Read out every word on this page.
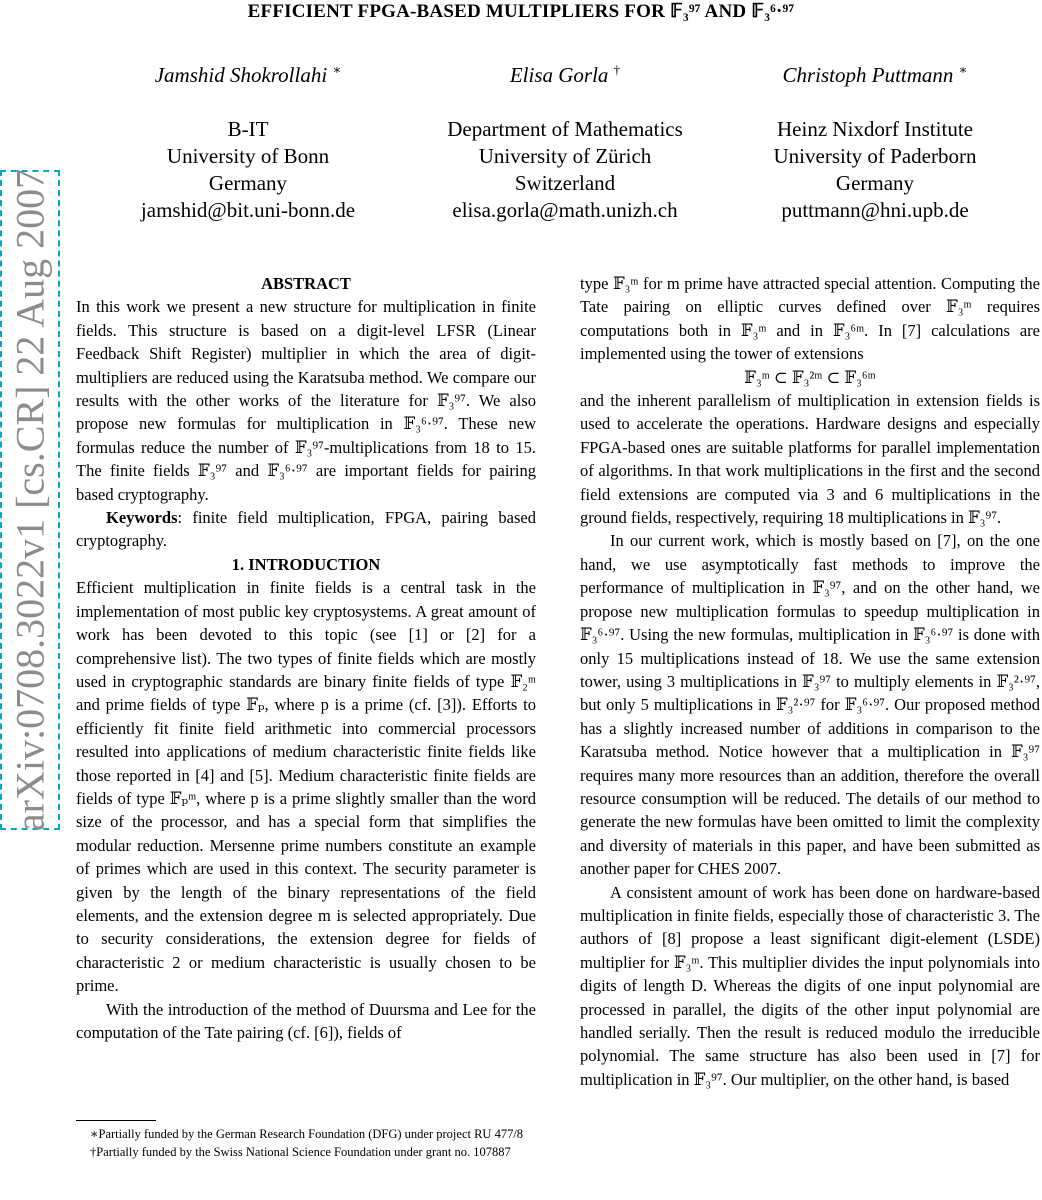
EFFICIENT FPGA-BASED MULTIPLIERS FOR 𝔽₃⁹⁷ AND 𝔽₃⁶·⁹⁷
Jamshid Shokrollahi ∗	Elisa Gorla †	Christoph Puttmann ∗
B-IT
University of Bonn
Germany
jamshid@bit.uni-bonn.de
Department of Mathematics
University of Zürich
Switzerland
elisa.gorla@math.unizh.ch
Heinz Nixdorf Institute
University of Paderborn
Germany
puttmann@hni.upb.de
arXiv:0708.3022v1 [cs.CR] 22 Aug 2007	ABSTRACT

In this work we present a new structure for multiplication in finite fields. This structure is based on a digit-level LFSR (Linear Feedback Shift Register) multiplier in which the area of digit-multipliers are reduced using the Karatsuba method. We compare our results with the other works of the literature for 𝔽₃⁹⁷. We also propose new formulas for multiplication in 𝔽₃⁶·⁹⁷. These new formulas reduce the number of 𝔽₃⁹⁷-multiplications from 18 to 15. The finite fields 𝔽₃⁹⁷ and 𝔽₃⁶·⁹⁷ are important fields for pairing based cryptography.

Keywords: finite field multiplication, FPGA, pairing based cryptography.

1. INTRODUCTION

Efficient multiplication in finite fields is a central task in the implementation of most public key cryptosystems. A great amount of work has been devoted to this topic (see [1] or [2] for a comprehensive list). The two types of finite fields which are mostly used in cryptographic standards are binary finite fields of type 𝔽₂ᵐ and prime fields of type 𝔽ₚ, where p is a prime (cf. [3]). Efforts to efficiently fit finite field arithmetic into commercial processors resulted into applications of medium characteristic finite fields like those reported in [4] and [5]. Medium characteristic finite fields are fields of type 𝔽ₚᵐ, where p is a prime slightly smaller than the word size of the processor, and has a special form that simplifies the modular reduction. Mersenne prime numbers constitute an example of primes which are used in this context. The security parameter is given by the length of the binary representations of the field elements, and the extension degree m is selected appropriately. Due to security considerations, the extension degree for fields of characteristic 2 or medium characteristic is usually chosen to be prime.

With the introduction of the method of Duursma and Lee for the computation of the Tate pairing (cf. [6]), fields of

∗Partially funded by the German Research Foundation (DFG) under project RU 477/8

†Partially funded by the Swiss National Science Foundation under grant no. 107887

type 𝔽₃ᵐ for m prime have attracted special attention. Computing the Tate pairing on elliptic curves defined over 𝔽₃ᵐ requires computations both in 𝔽₃ᵐ and in 𝔽₃⁶ᵐ. In [7] calculations are implemented using the tower of extensions

𝔽₃ᵐ ⊂ 𝔽₃²ᵐ ⊂ 𝔽₃⁶ᵐ

and the inherent parallelism of multiplication in extension fields is used to accelerate the operations. Hardware designs and especially FPGA-based ones are suitable platforms for parallel implementation of algorithms. In that work multiplications in the first and the second field extensions are computed via 3 and 6 multiplications in the ground fields, respectively, requiring 18 multiplications in 𝔽₃⁹⁷.

In our current work, which is mostly based on [7], on the one hand, we use asymptotically fast methods to improve the performance of multiplication in 𝔽₃⁹⁷, and on the other hand, we propose new multiplication formulas to speedup multiplication in 𝔽₃⁶·⁹⁷. Using the new formulas, multiplication in 𝔽₃⁶·⁹⁷ is done with only 15 multiplications instead of 18. We use the same extension tower, using 3 multiplications in 𝔽₃⁹⁷ to multiply elements in 𝔽₃²·⁹⁷, but only 5 multiplications in 𝔽₃²·⁹⁷ for 𝔽₃⁶·⁹⁷. Our proposed method has a slightly increased number of additions in comparison to the Karatsuba method. Notice however that a multiplication in 𝔽₃⁹⁷ requires many more resources than an addition, therefore the overall resource consumption will be reduced. The details of our method to generate the new formulas have been omitted to limit the complexity and diversity of materials in this paper, and have been submitted as another paper for CHES 2007.

A consistent amount of work has been done on hardware-based multiplication in finite fields, especially those of characteristic 3. The authors of [8] propose a least significant digit-element (LSDE) multiplier for 𝔽₃ᵐ. This multiplier divides the input polynomials into digits of length D. Whereas the digits of one input polynomial are processed in parallel, the digits of the other input polynomial are handled serially. Then the result is reduced modulo the irreducible polynomial. The same structure has also been used in [7] for multiplication in 𝔽₃⁹⁷. Our multiplier, on the other hand, is based
